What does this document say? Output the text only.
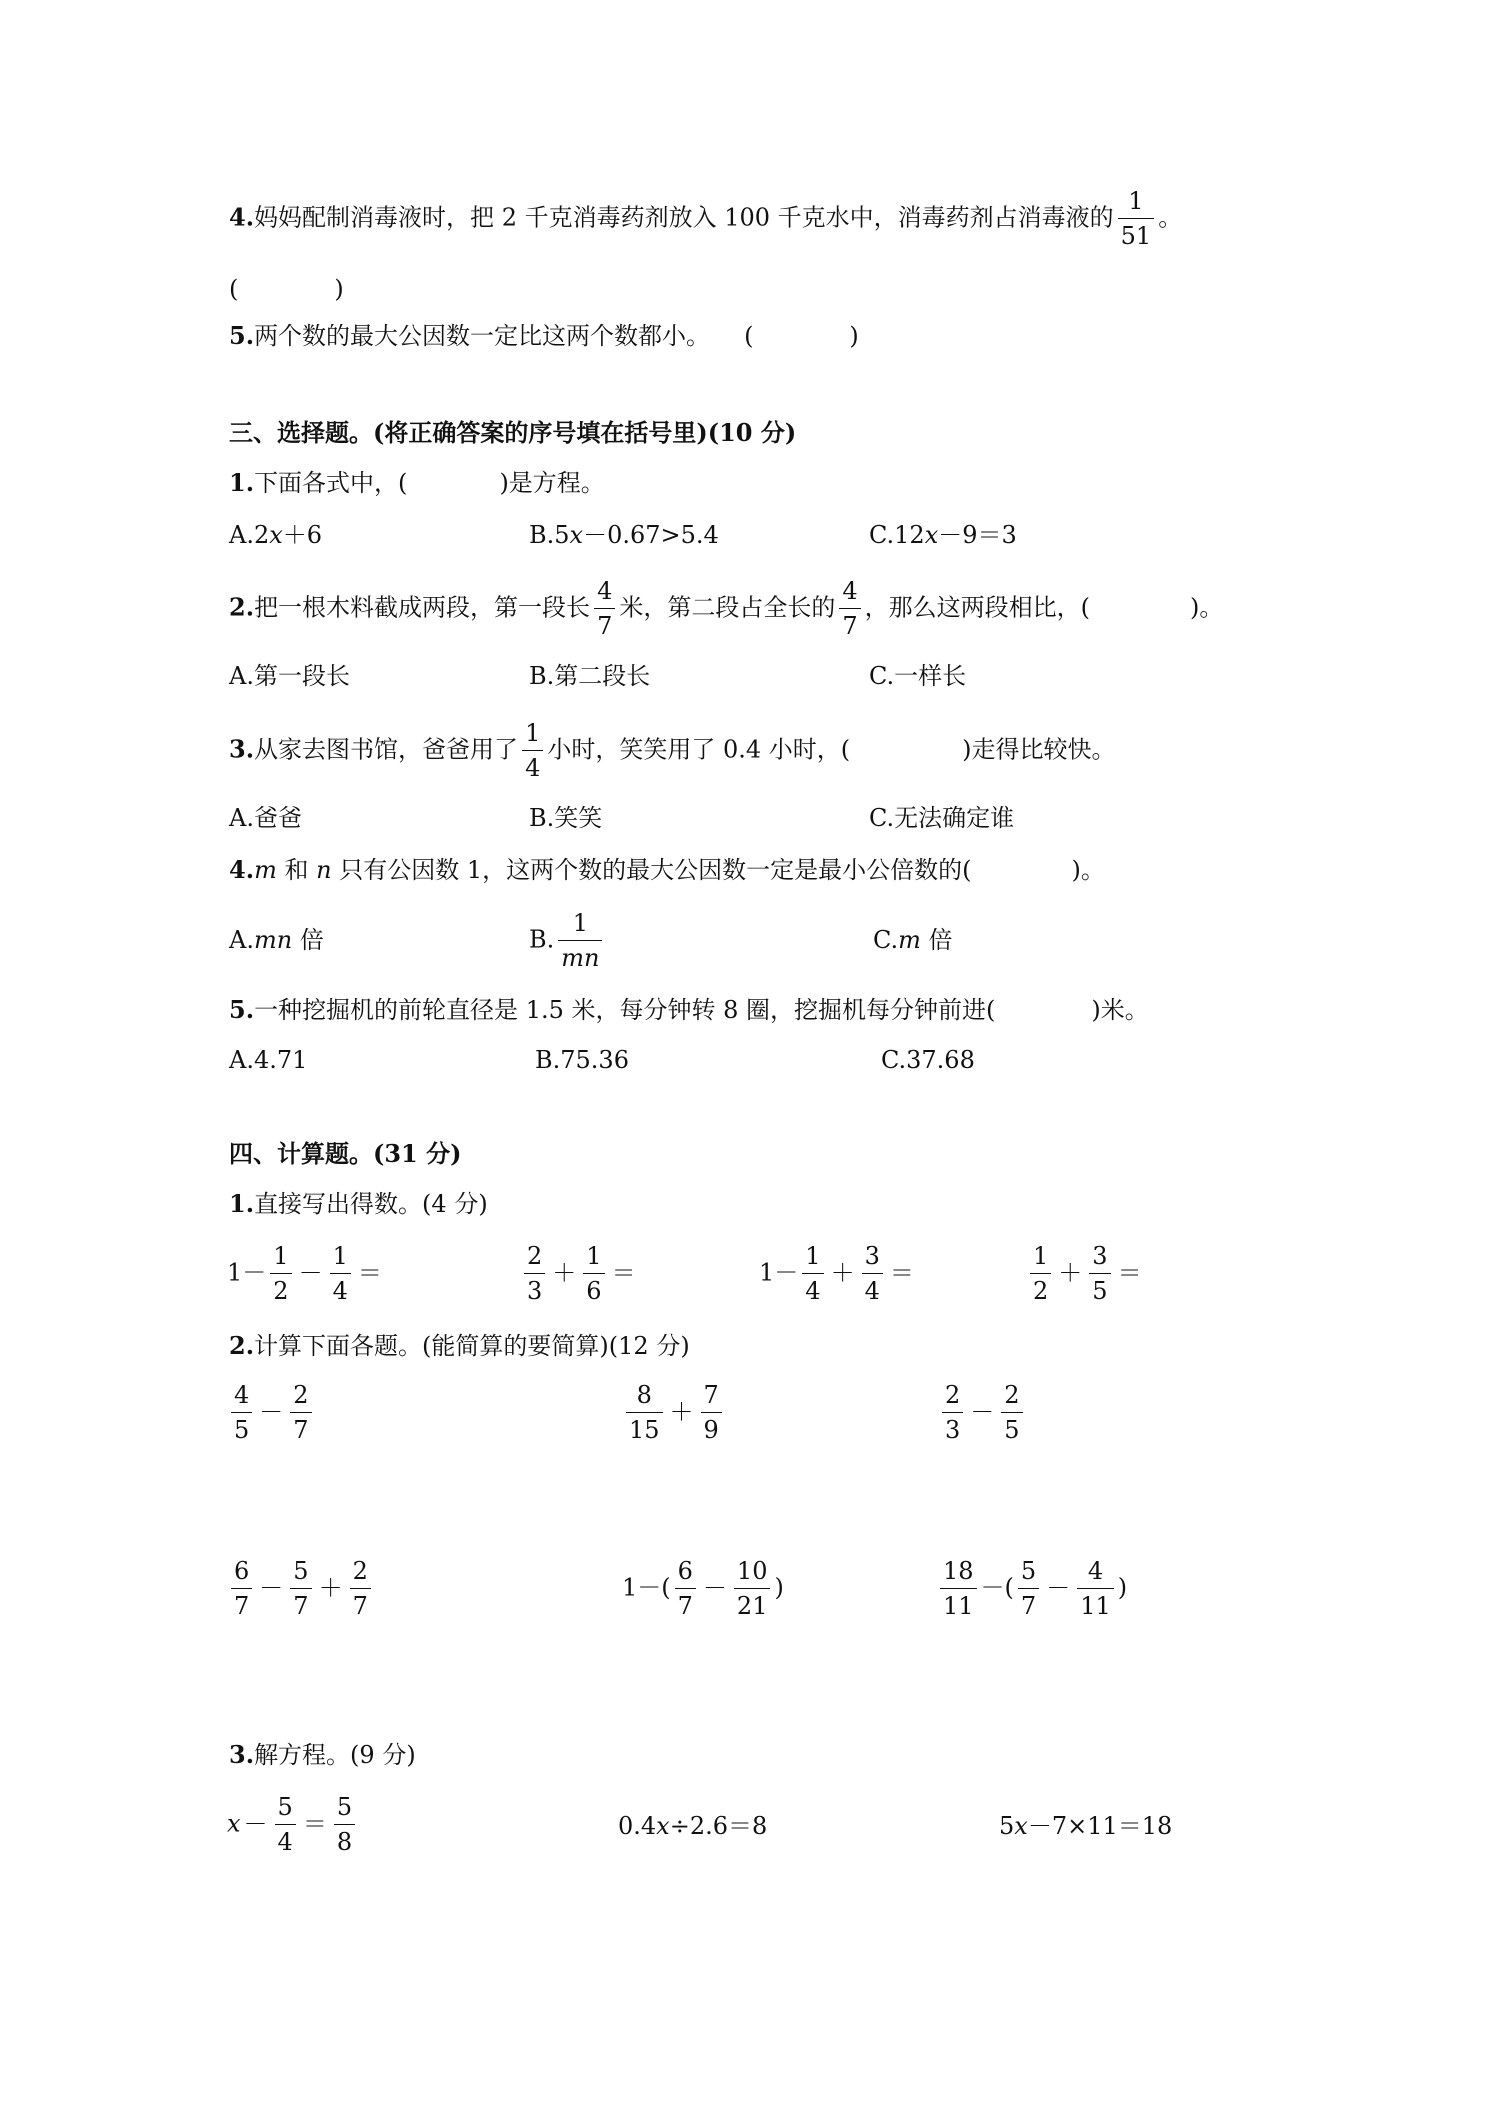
4.妈妈配制消毒液时，把 2 千克消毒药剂放入 100 千克水中，消毒药剂占消毒液的 $\frac{1}{51}$ 。
(　　　　)
5.两个数的最大公因数一定比这两个数都小。 (　　　　)
三、选择题。(将正确答案的序号填在括号里)(10 分)
1.下面各式中，(	)是方程。
A.2x＋6	B.5x－0.67>5.4	C.12x－9＝3
2.把一根木料截成两段，第一段长 $\frac{4}{7}$ 米，第二段占全长的 $\frac{4}{7}$ ，那么这两段相比，(	)。
A.第一段长	B.第二段长	C.一样长
3.从家去图书馆，爸爸用了 $\frac{1}{4}$ 小时，笑笑用了 0.4 小时，(	)走得比较快。
A.爸爸	B.笑笑	C.无法确定谁
4.m 和 n 只有公因数 1，这两个数的最大公因数一定是最小公倍数的(	)。
A.mn 倍	B. $\frac{1}{mn}$	C.m 倍
5.一种挖掘机的前轮直径是 1.5 米，每分钟转 8 圈，挖掘机每分钟前进(	)米。
A.4.71	B.75.36	C.37.68
四、计算题。(31 分)
1.直接写出得数。(4 分)
$1- \frac{1}{2} - \frac{1}{4}$ ＝	$\frac{2}{3} + \frac{1}{6}$ ＝	$1- \frac{1}{4} + \frac{3}{4}$ ＝	$\frac{1}{2} + \frac{3}{5}$ ＝
2.计算下面各题。(能简算的要简算)(12 分)
$\frac{4}{5} - \frac{2}{7}$	$\frac{8}{15} + \frac{7}{9}$	$\frac{2}{3} - \frac{2}{5}$
$\frac{6}{7} - \frac{5}{7} + \frac{2}{7}$	$1-( \frac{6}{7} - \frac{10}{21}$ )	$\frac{18}{11}$ －( $\frac{5}{7} - \frac{4}{11}$ )
3.解方程。(9 分)
$x - \frac{5}{4} = \frac{5}{8}$	0.4x÷2.6＝8	5x－7×11＝18
